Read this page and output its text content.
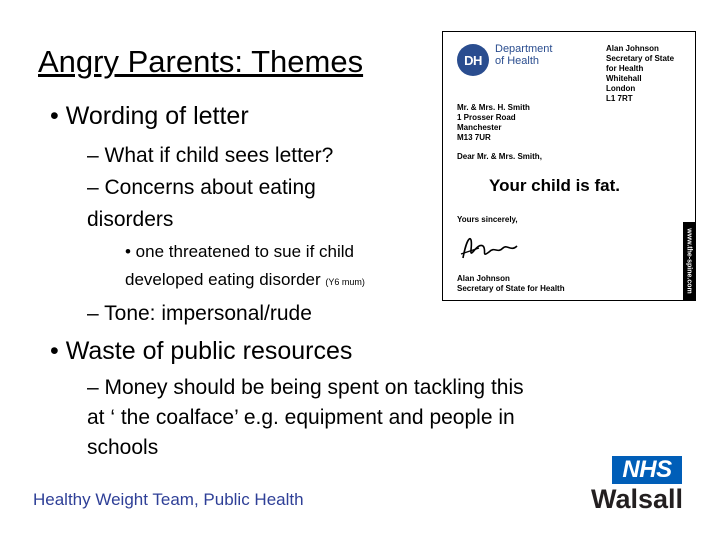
Angry Parents: Themes
• Wording of letter
– What if child sees letter?
– Concerns about eating
disorders
• one threatened to sue if child
developed eating disorder (Y6 mum)
– Tone: impersonal/rude
• Waste of public resources
– Money should be being spent on tackling this
at ‘ the coalface’ e.g. equipment and people in
schools
Healthy Weight Team, Public Health
DH
Department
of Health
Alan Johnson
Secretary of State
for Health
Whitehall
London
L1 7RT
Mr. & Mrs. H. Smith
1 Prosser Road
Manchester
M13 7UR
Dear Mr. & Mrs. Smith,
Your child is fat.
Yours sincerely,
Alan Johnson
Secretary of State for Health	www.the-spine.com
NHS
Walsall
